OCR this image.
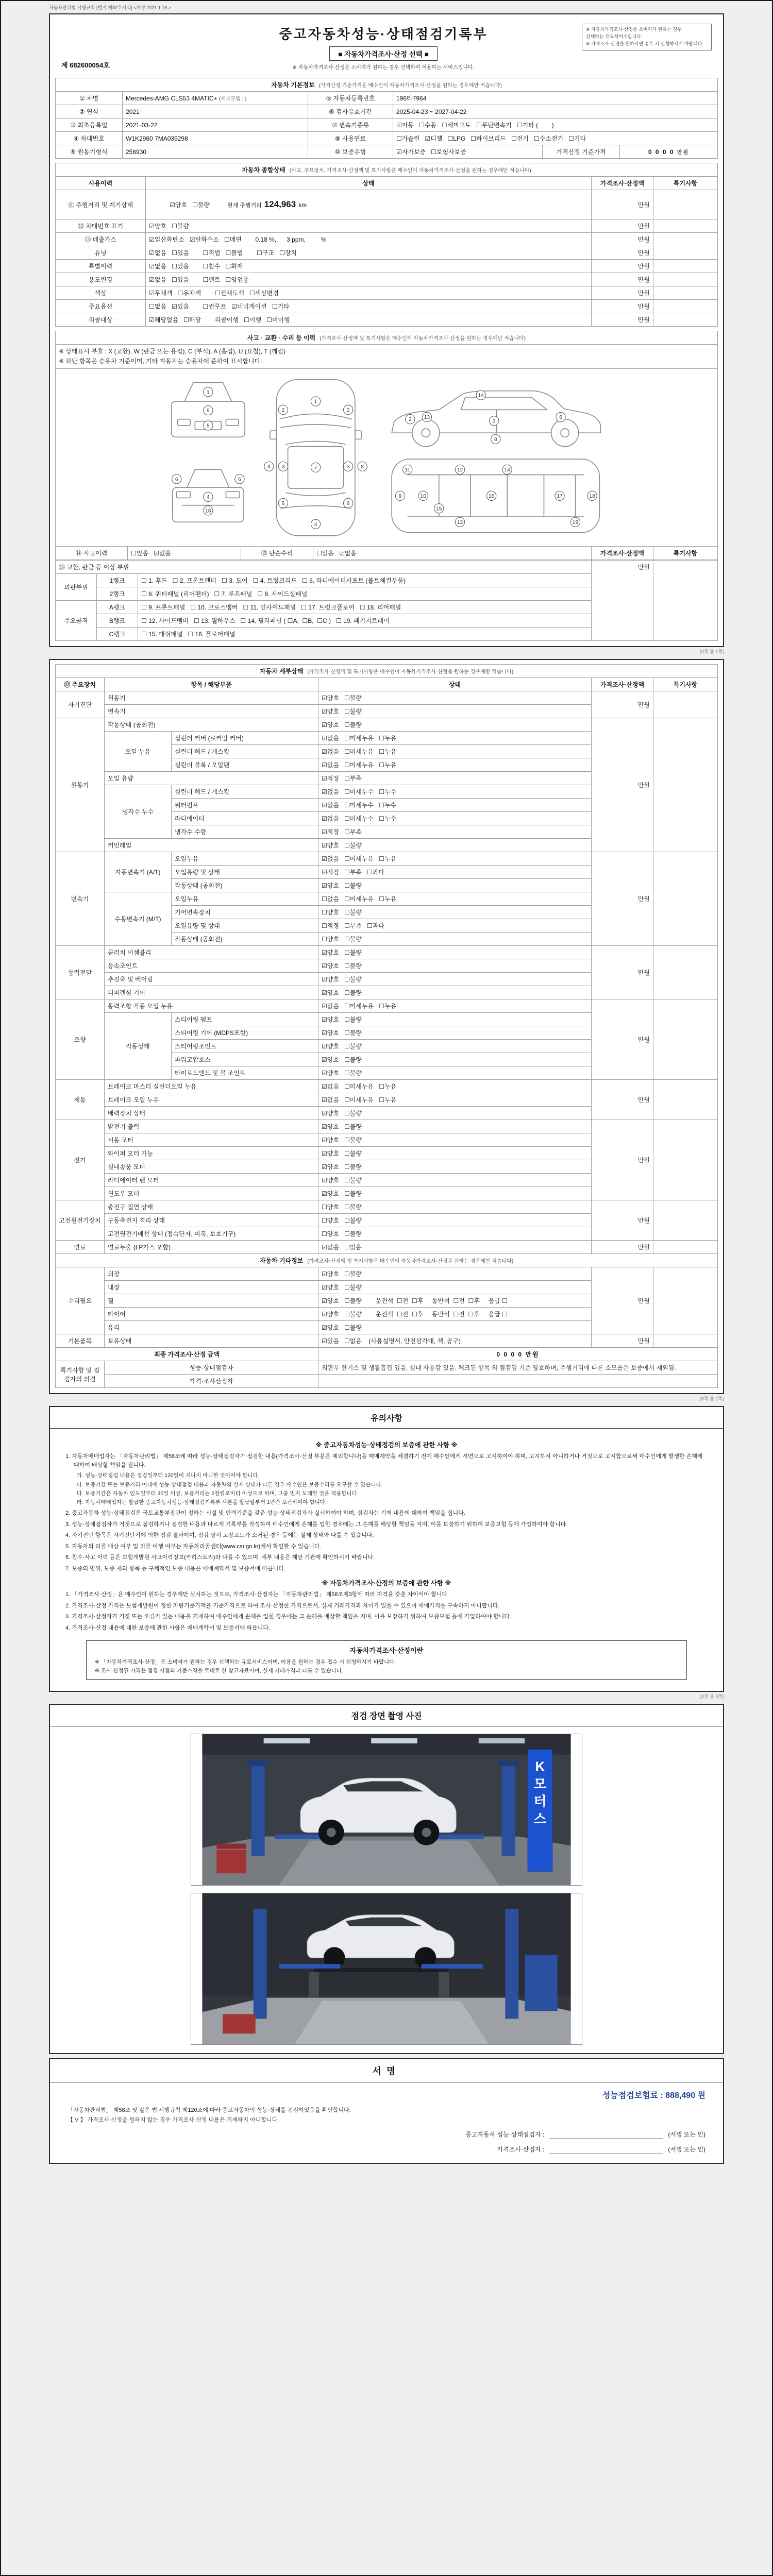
자동차관리법 시행규칙 [별지 제82호서식] <개정 2021.1.16.>
제 682600054호
중고자동차성능·상태점검기록부
■ 자동차가격조사·산정 선택 ■
※ 자동차가격조사·산정은 소비자가 원하는 경우 선택하여 이용하는 서비스입니다.
※ 자동차가격조사·산정은 소비자가 원하는 경우
선택하는 유료서비스입니다.
※ 가격조사·산정을 원하시면 접수 시 신청하시기 바랍니다.
자동차 기본정보 (가격산정 기준가격은 매수인이 자동차가격조사·산정을 원하는 경우에만 적습니다)					
① 차명	Mercedes-AMG CLS53 4MATIC+ (세부모델 : )	⑤ 자동차등록번호	196타7964		
② 연식	2021	⑥ 검사유효기간	2025-04-23 ~ 2027-04-22		
③ 최초등록일	2021-03-22	⑦ 변속기종류	☑자동   ☐수동   ☐세미오토   ☐무단변속기   ☐기타 (        )		
④ 차대번호	W1K2960 7MA035298	⑧ 사용연료	☐가솔린   ☑디젤   ☐LPG   ☐하이브리드   ☐전기   ☐수소전기   ☐기타		
⑨ 원동기형식	256930	⑩ 보증유형	☑자가보증   ☐보험사보증	가격산정 기준가격	0 0 0 0 만원
자동차 종합상태 (비고, 주요장치, 가격조사·산정액 및 특기사항은 매수인이 자동차가격조사·산정을 원하는 경우에만 적습니다)			
사용이력	상태	가격조사·산정액	특기사항
⑪ 주행거리 및 계기상태	☑양호   ☐불량 현재 주행거리 124,963 km	만원	
⑫ 차대번호 표기	☑양호   ☐불량	만원	
⑬ 배출가스	☑일산화탄소   ☑탄화수소   ☐매연        0.18 %,      3 ppm,         %	만원	
튜닝	☑없음   ☐있음        ☐적법   ☐불법        ☐구조   ☐장치	만원	
특별이력	☑없음   ☐있음        ☐침수   ☐화재	만원	
용도변경	☑없음   ☐있음        ☐렌트   ☐영업용	만원	
색상	☑무채색   ☐유채색        ☐전체도색   ☐색상변경	만원	
주요옵션	☐없음   ☑있음        ☐썬루프   ☑네비게이션   ☐기타	만원	
리콜대상	☑해당없음   ☐해당        리콜이행   ☐이행   ☐미이행	만원	
사고 · 교환 · 수리 등 이력 (가격조사·산정액 및 특기사항은 매수인이 자동차가격조사·산정을 원하는 경우에만 적습니다)

※ 상태표시 부호 : X (교환), W (판금 또는 용접), C (부식), A (흠집), U (요철), T (깨짐)
※ 하단 항목은 승용차 기준이며, 기타 자동차는 승용차에 준하여 표시합니다.

1
9
5
1
2	2
3	3
7
6	6
4
8	8
2	3
14
13	6
8
11	12	14
18
10
15
16	17
13	19
9
4
18
6	6

⑭ 사고이력	☐있음   ☑없음	⑮ 단순수리	☐있음   ☑없음	가격조사·산정액	특기사항
⑯ 교환, 판금 등 이상 부위			만원	
외판부위	1랭크	☐ 1. 후드   ☐ 2. 프론트펜더   ☐ 3. 도어   ☐ 4. 트렁크리드   ☐ 5. 라디에이터서포트 (볼트체결부품)		
	2랭크	☐ 6. 쿼터패널 (리어펜더)   ☐ 7. 루프패널   ☐ 8. 사이드실패널		
주요골격	A랭크	☐ 9. 프론트패널   ☐ 10. 크로스멤버   ☐ 11. 인사이드패널   ☐ 17. 트렁크플로어   ☐ 18. 리어패널		
	B랭크	☐ 12. 사이드멤버   ☐ 13. 휠하우스   ☐ 14. 필러패널 ( ☐A,  ☐B,  ☐C )   ☐ 19. 패키지트레이		
	C랭크	☐ 15. 대쉬패널   ☐ 16. 플로어패널		
(3쪽 중 1쪽)
자동차 세부상태 (가격조사·산정액 및 특기사항은 매수인이 자동차가격조사·산정을 원하는 경우에만 적습니다)					
⑰ 주요장치	항목 / 해당부품		상태	가격조사·산정액	특기사항
자기진단	원동기		☑양호   ☐불량	만원	
	변속기		☑양호   ☐불량		
원동기	작동상태 (공회전)		☑양호   ☐불량	만원	
	오일 누유	실린더 커버 (로커암 커버)	☑없음   ☐미세누유   ☐누유		
		실린더 헤드 / 개스킷	☑없음   ☐미세누유   ☐누유		
		실린더 블록 / 오일팬	☑없음   ☐미세누유   ☐누유		
	오일 유량		☑적정   ☐부족		
	냉각수 누수	실린더 헤드 / 개스킷	☑없음   ☐미세누수   ☐누수		
		워터펌프	☑없음   ☐미세누수   ☐누수		
		라디에이터	☑없음   ☐미세누수   ☐누수		
		냉각수 수량	☑적정   ☐부족		
	커먼레일		☑양호   ☐불량		
변속기	자동변속기 (A/T)	오일누유	☑없음   ☐미세누유   ☐누유	만원	
		오일유량 및 상태	☑적정   ☐부족   ☐과다		
		작동상태 (공회전)	☑양호   ☐불량		
	수동변속기 (M/T)	오일누유	☐없음   ☐미세누유   ☐누유		
		기어변속장치	☐양호   ☐불량		
		오일유량 및 상태	☐적정   ☐부족   ☐과다		
		작동상태 (공회전)	☐양호   ☐불량		
동력전달	클러치 어셈블리		☑양호   ☐불량	만원	
	등속조인트		☑양호   ☐불량		
	추진축 및 베어링		☑양호   ☐불량		
	디퍼렌셜 기어		☑양호   ☐불량		
조향	동력조향 작동 오일 누유		☑없음   ☐미세누유   ☐누유	만원	
	작동상태	스티어링 펌프	☑양호   ☐불량		
		스티어링 기어 (MDPS포함)	☑양호   ☐불량		
		스티어링조인트	☑양호   ☐불량		
		파워고압호스	☑양호   ☐불량		
		타이로드엔드 및 볼 조인트	☑양호   ☐불량		
제동	브레이크 마스터 실린더오일 누유		☑없음   ☐미세누유   ☐누유	만원	
	브레이크 오일 누유		☑없음   ☐미세누유   ☐누유		
	배력장치 상태		☑양호   ☐불량		
전기	발전기 출력		☑양호   ☐불량	만원	
	시동 모터		☑양호   ☐불량		
	와이퍼 모터 기능		☑양호   ☐불량		
	실내송풍 모터		☑양호   ☐불량		
	라디에이터 팬 모터		☑양호   ☐불량		
	윈도우 모터		☑양호   ☐불량		
고전원전기장치	충전구 절연 상태		☐양호   ☐불량	만원	
	구동축전지 격리 상태		☐양호   ☐불량		
	고전원전기배선 상태 (접속단자, 피복, 보호기구)		☐양호   ☐불량		
연료	연료누출 (LP가스 포함)		☑없음   ☐있음	만원	
자동차 기타정보 (가격조사·산정액 및 특기사항은 매수인이 자동차가격조사·산정을 원하는 경우에만 적습니다)					
수리필요	외장		☑양호   ☐불량	만원	
	내장		☑양호   ☐불량		
	휠		☑양호   ☐불량        운전석  ☐전  ☐후     동반석  ☐전  ☐후     응급 ☐		
	타이어		☑양호   ☐불량        운전석  ☐전  ☐후     동반석  ☐전  ☐후     응급 ☐		
	유리		☑양호   ☐불량		
기본품목	보유상태		☑있음   ☐없음    (사용설명서, 안전삼각대, 잭, 공구)	만원	
최종 가격조사·산정 금액			0 0 0 0 만원		
특기사항 및 점검자의 의견	성능·상태점검자		외판부 잔기스 및 생활흠집 있음. 실내 사용감 있음. 체크된 항목 외 점검일 기준 양호하며, 주행거리에 따른 소모품은 보증에서 제외됨.		
	가격·조사산정자				
(3쪽 중 2쪽)
유의사항
※ 중고자동차성능·상태점검의 보증에 관한 사항 ※
1. 자동차매매업자는 「자동차관리법」 제58조에 따라 성능·상태점검자가 점검한 내용(가격조사·산정 부분은 제외합니다)을 매매계약을 체결하기 전에 매수인에게 서면으로 고지하여야 하며, 고지하지 아니하거나 거짓으로 고지함으로써 매수인에게 발생한 손해에 대하여 배상할 책임을 집니다.
가. 성능·상태점검 내용은 점검일부터 120일이 지나지 아니한 것이어야 합니다.
나. 보증기간 또는 보증거리 이내에 성능·상태점검 내용과 자동차의 실제 상태가 다른 경우 매수인은 보증수리를 요구할 수 있습니다.
다. 보증기간은 자동차 인도일부터 30일 이상, 보증거리는 2천킬로미터 이상으로 하며, 그중 먼저 도래한 것을 적용합니다.
라. 자동차매매업자는 발급한 중고자동차성능·상태점검기록부 사본을 발급일부터 1년간 보관하여야 합니다.
2. 중고자동차 성능·상태점검은 국토교통부장관이 정하는 시설 및 인력기준을 갖춘 성능·상태점검자가 실시하여야 하며, 점검자는 기재 내용에 대하여 책임을 집니다.
3. 성능·상태점검자가 거짓으로 점검하거나 점검한 내용과 다르게 기록부를 작성하여 매수인에게 손해를 입힌 경우에는 그 손해를 배상할 책임을 지며, 이를 보장하기 위하여 보증보험 등에 가입하여야 합니다.
4. 자기진단 항목은 자기진단기에 의한 점검 결과이며, 점검 당시 고장코드가 소거된 경우 등에는 실제 상태와 다를 수 있습니다.
5. 자동차의 리콜 대상 여부 및 리콜 이행 여부는 자동차리콜센터(www.car.go.kr)에서 확인할 수 있습니다.
6. 침수·사고 이력 등은 보험개발원 사고이력정보(카히스토리)와 다를 수 있으며, 세부 내용은 해당 기관에 확인하시기 바랍니다.
7. 보증의 범위, 보증 제외 항목 등 구체적인 보증 내용은 매매계약서 및 보증서에 따릅니다.
※ 자동차가격조사·산정의 보증에 관한 사항 ※
1. 「가격조사·산정」은 매수인이 원하는 경우에만 실시하는 것으로, 가격조사·산정자는 「자동차관리법」 제58조제3항에 따라 자격을 갖춘 자이어야 합니다.
2. 가격조사·산정 가격은 보험개발원이 정한 차량기준가액을 기준가격으로 하여 조사·산정한 가격으로서, 실제 거래가격과 차이가 있을 수 있으며 매매가격을 구속하지 아니합니다.
3. 가격조사·산정자가 거짓 또는 오류가 있는 내용을 기재하여 매수인에게 손해를 입힌 경우에는 그 손해를 배상할 책임을 지며, 이를 보장하기 위하여 보증보험 등에 가입하여야 합니다.
4. 가격조사·산정 내용에 대한 보증에 관한 사항은 매매계약서 및 보증서에 따릅니다.
자동차가격조사·산정이란
※ 「자동차가격조사·산정」은 소비자가 원하는 경우 선택하는 유료서비스이며, 이용을 원하는 경우 접수 시 신청하시기 바랍니다.
※ 조사·산정된 가격은 점검 시점의 기준가격을 토대로 한 참고자료이며, 실제 거래가격과 다를 수 있습니다.
(3쪽 중 3쪽)
점검 장면 촬영 사진
K 모 터 스
서명
성능점검보험료 : 888,490 원
「자동차관리법」 제58조 및 같은 법 시행규칙 제120조에 따라 중고자동차의 성능·상태를 점검하였음을 확인합니다.
【 V 】 가격조사·산정을 원하지 않는 경우 가격조사·산정 내용은 기재하지 아니합니다.
중고자동차 성능·상태점검자 :	(서명 또는 인)
가격조사·산정자 :	(서명 또는 인)
